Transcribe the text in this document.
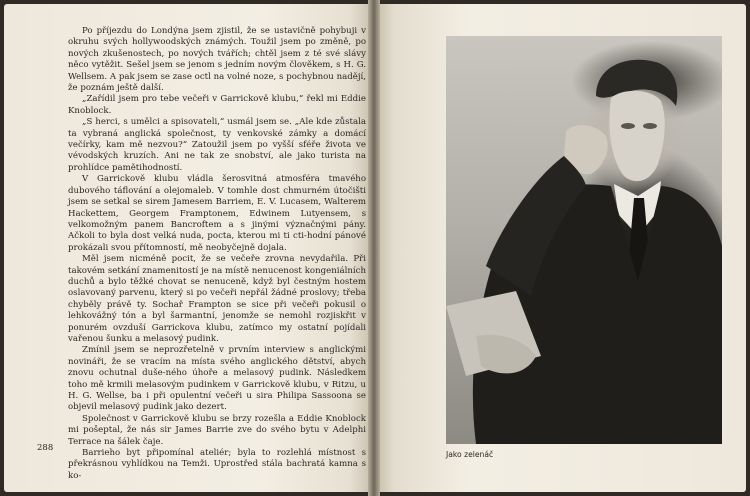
Po příjezdu do Londýna jsem zjistil, že se ustavičně pohybuji v okruhu svých hollywoodských známých. Toužil jsem po změně, po nových zkušenostech, po nových tvářích; chtěl jsem z té své slávy něco vytěžit. Sešel jsem se jenom s jedním novým člověkem, s H. G. Wellsem. A pak jsem se zase octl na volné noze, s pochybnou nadějí, že poznám ještě další.

„Zařídil jsem pro tebe večeři v Garrickově klubu,“ řekl mi Eddie Knoblock.

„S herci, s umělci a spisovateli,“ usmál jsem se. „Ale kde zůstala ta vybraná anglická společnost, ty venkovské zámky a domácí večírky, kam mě nezvou?“ Zatoužil jsem po vyšší sféře života ve vévodských kruzích. Ani ne tak ze snobství, ale jako turista na prohlídce pamětihodností.

V Garrickově klubu vládla šerosvitná atmosféra tmavého dubového táflování a olejomaleb. V tomhle dost chmurném útočišti jsem se setkal se sirem Jamesem Barriem, E. V. Lucasem, Walterem Hackettem, Georgem Framptonem, Edwinem Lutyensem, s velkomožným panem Bancroftem a s jinými význačnými pány. Ačkoli to byla dost velká nuda, pocta, kterou mi ti cti-hodní pánové prokázali svou přítomností, mě neobyčejně dojala.

Měl jsem nicméně pocit, že se večeře zrovna nevydařila. Při takovém setkání znamenitostí je na místě nenucenost kongeniálních duchů a bylo těžké chovat se nenuceně, když byl čestným hostem oslavovaný parvenu, který si po večeři nepřál žádné proslovy; třeba chyběly právě ty. Sochař Frampton se sice při večeři pokusil o lehkovážný tón a byl šarmantní, jenomže se nemohl rozjiskřit v ponurém ovzduší Garrickova klubu, zatímco my ostatní pojídali vařenou šunku a melasový pudink.

Zmínil jsem se neprozřetelně v prvním interview s anglickými novináři, že se vracím na místa svého anglického dětství, abych znovu ochutnal duše-ného úhoře a melasový pudink. Následkem toho mě krmili melasovým pudinkem v Garrickově klubu, v Ritzu, u H. G. Wellse, ba i při opulentní večeři u sira Philipa Sassoona se objevil melasový pudink jako dezert.

Společnost v Garrickově klubu se brzy rozešla a Eddie Knoblock mi pošeptal, že nás sir James Barrie zve do svého bytu v Adelphi Terrace na šálek čaje.

Barrieho byt připomínal ateliér; byla to rozlehlá místnost s překrásnou vyhlídkou na Temži. Uprostřed stála bachratá kamna s ko-

288
Jako zelenáč
